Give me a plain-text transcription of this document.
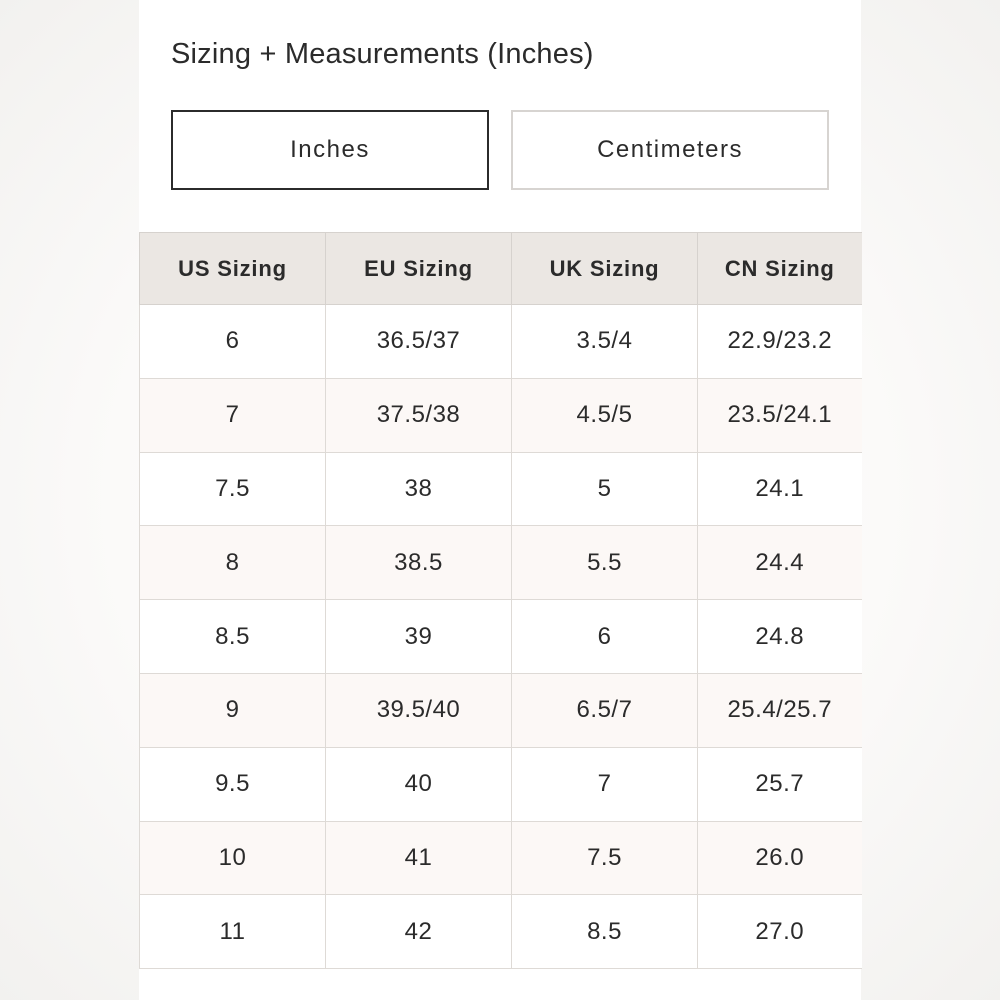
Sizing + Measurements (Inches)
Inches	Centimeters
US Sizing	EU Sizing	UK Sizing	CN Sizing
6	36.5/37	3.5/4	22.9/23.2
7	37.5/38	4.5/5	23.5/24.1
7.5	38	5	24.1
8	38.5	5.5	24.4
8.5	39	6	24.8
9	39.5/40	6.5/7	25.4/25.7
9.5	40	7	25.7
10	41	7.5	26.0
11	42	8.5	27.0
